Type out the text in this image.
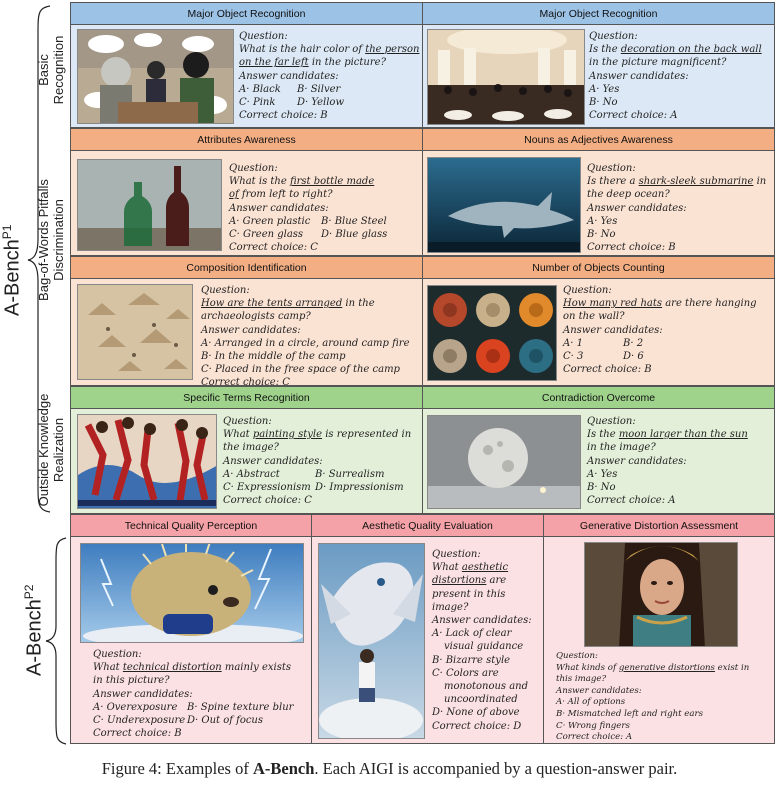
A-Bench$^{P1}$
Basic Recognition
Bag-of-Words Pitfalls Discrimination
Outside Knowledge Realization
A-Bench$^{P2}$
Major Object Recognition
Question:
What is the hair color of the person
on the far left in the picture?
Answer candidates:
A· Black B· Silver
C· Pink D· Yellow
Correct choice: B
Major Object Recognition
Question:
Is the decoration on the back wall
in the picture magnificent?
Answer candidates:
A· Yes
B· No
Correct choice: A
Attributes Awareness
Question:
What is the first bottle made
of from left to right?
Answer candidates:
A· Green plastic B· Blue Steel
C· Green glass D· Blue glass
Correct choice: C
Nouns as Adjectives Awareness
Question:
Is there a shark-sleek submarine in
the deep ocean?
Answer candidates:
A· Yes
B· No
Correct choice: B
Composition Identification
Question:
How are the tents arranged in the
archaeologists camp?
Answer candidates:
A· Arranged in a circle, around camp fire
B· In the middle of the camp
C· Placed in the free space of the camp
Correct choice: C
Number of Objects Counting
Question:
How many red hats are there hanging
on the wall?
Answer candidates:
A· 1	B· 2
C· 3	D· 6
Correct choice: B
Specific Terms Recognition
Question:
What painting style is represented in
the image?
Answer candidates:
A· Abstract	B· Surrealism
C· Expressionism D· Impressionism
Correct choice: C
Contradiction Overcome
Question:
Is the moon larger than the sun
in the image?
Answer candidates:
A· Yes
B· No
Correct choice: A
Technical Quality Perception
Question:
What technical distortion mainly exists
in this picture?
Answer candidates:
A· Overexposure B· Spine texture blur
C· Underexposure D· Out of focus
Correct choice: B
Aesthetic Quality Evaluation
Question:
What aesthetic
distortions are
present in this
image?
Answer candidates:
A· Lack of clear
visual guidance
B· Bizarre style
C· Colors are
monotonous and
uncoordinated
D· None of above
Correct choice: D
Generative Distortion Assessment
Question:
What kinds of generative distortions exist in
this image?
Answer candidates:
A· All of options
B· Mismatched left and right ears
C· Wrong fingers
Correct choice: A
Figure 4: Examples of A-Bench. Each AIGI is accompanied by a question-answer pair.
